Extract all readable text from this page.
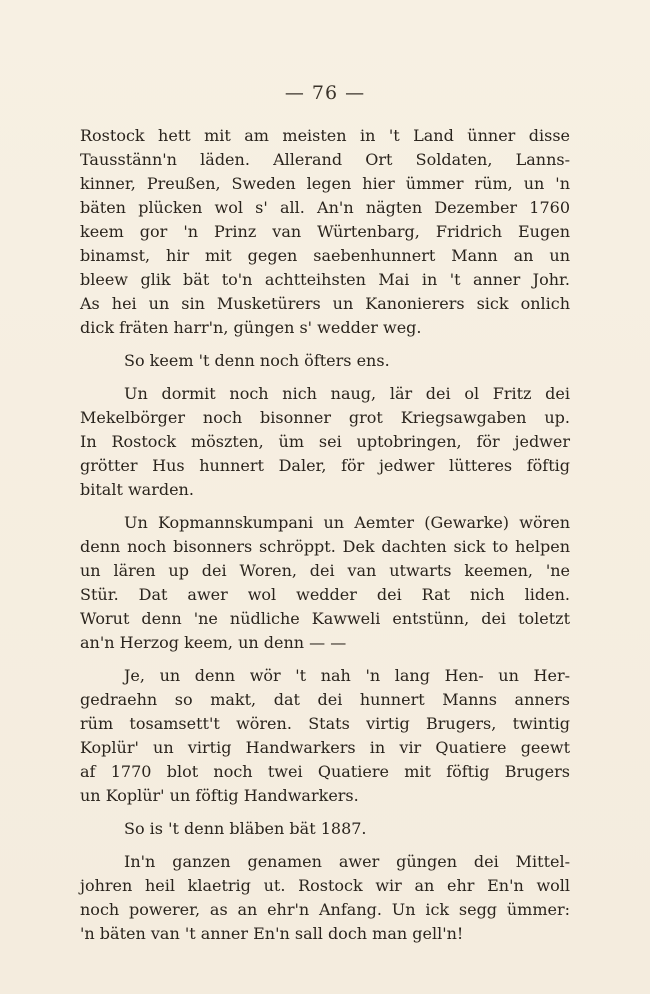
— 76 —
Rostock hett mit am meisten in 't Land ünner disse
Tausstänn'n läden. Allerand Ort Soldaten, Lanns-
kinner, Preußen, Sweden legen hier ümmer rüm, un 'n
bäten plücken wol s' all. An'n nägten Dezember 1760
keem gor 'n Prinz van Würtenbarg, Fridrich Eugen
binamst, hir mit gegen saebenhunnert Mann an un
bleew glik bät to'n achtteihsten Mai in 't anner Johr.
As hei un sin Musketürers un Kanonierers sick onlich
dick fräten harr'n, güngen s' wedder weg.
So keem 't denn noch öfters ens.
Un dormit noch nich naug, lär dei ol Fritz dei
Mekelbörger noch bisonner grot Kriegsawgaben up.
In Rostock möszten, üm sei uptobringen, för jedwer
grötter Hus hunnert Daler, för jedwer lütteres föftig
bitalt warden.
Un Kopmannskumpani un Aemter (Gewarke) wören
denn noch bisonners schröppt. Dek dachten sick to helpen
un lären up dei Woren, dei van utwarts keemen, 'ne
Stür. Dat awer wol wedder dei Rat nich liden.
Worut denn 'ne nüdliche Kawweli entstünn, dei toletzt
an'n Herzog keem, un denn — —
Je, un denn wör 't nah 'n lang Hen- un Her-
gedraehn so makt, dat dei hunnert Manns anners
rüm tosamsett't wören. Stats virtig Brugers, twintig
Koplür' un virtig Handwarkers in vir Quatiere geewt
af 1770 blot noch twei Quatiere mit föftig Brugers
un Koplür' un föftig Handwarkers.
So is 't denn bläben bät 1887.
In'n ganzen genamen awer güngen dei Mittel-
johren heil klaetrig ut. Rostock wir an ehr En'n woll
noch powerer, as an ehr'n Anfang. Un ick segg ümmer:
'n bäten van 't anner En'n sall doch man gell'n!
